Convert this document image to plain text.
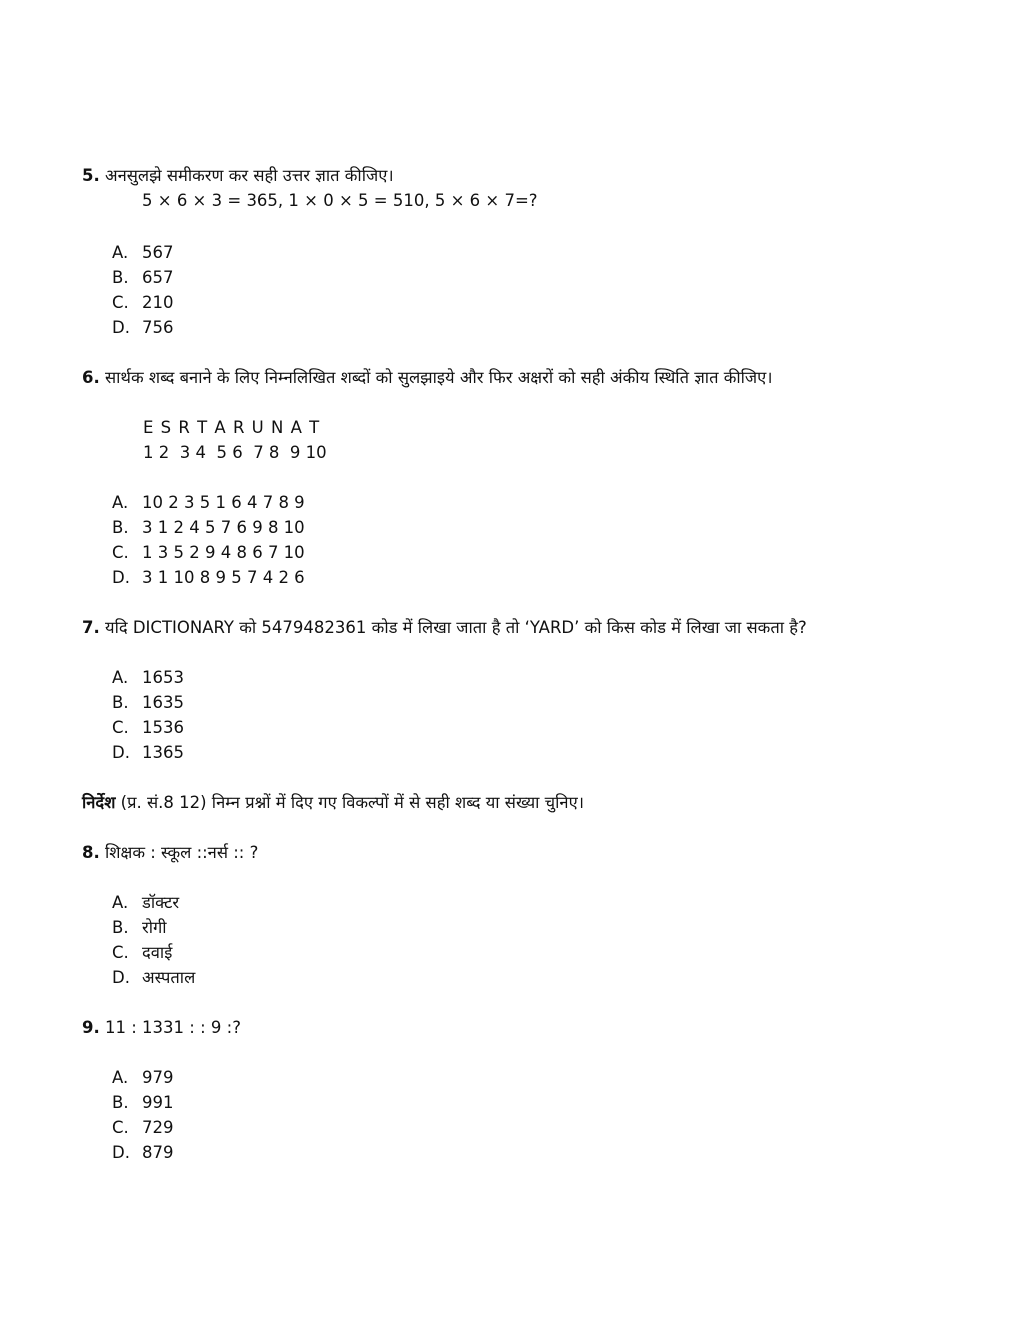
5. अनसुलझे समीकरण कर सही उत्तर ज्ञात कीजिए।
5 × 6 × 3 = 365, 1 × 0 × 5 = 510, 5 × 6 × 7=?
A. 567
B. 657
C. 210
D. 756
6. सार्थक शब्द बनाने के लिए निम्नलिखित शब्दों को सुलझाइये और फिर अक्षरों को सही अंकीय स्थिति ज्ञात कीजिए।
E S R T A R U N A T
1 2  3 4  5 6  7 8  9 10
A. 10 2 3 5 1 6 4 7 8 9
B. 3 1 2 4 5 7 6 9 8 10
C. 1 3 5 2 9 4 8 6 7 10
D. 3 1 10 8 9 5 7 4 2 6
7. यदि DICTIONARY को 5479482361 कोड में लिखा जाता है तो ‘YARD’ को किस कोड में लिखा जा सकता है?
A. 1653
B. 1635
C. 1536
D. 1365
निर्देश (प्र. सं.8 12) निम्न प्रश्नों में दिए गए विकल्पों में से सही शब्द या संख्या चुनिए।
8. शिक्षक : स्कूल ::नर्स :: ?
A. डॉक्टर
B. रोगी
C. दवाई
D. अस्पताल
9. 11 : 1331 : : 9 :?
A. 979
B. 991
C. 729
D. 879
